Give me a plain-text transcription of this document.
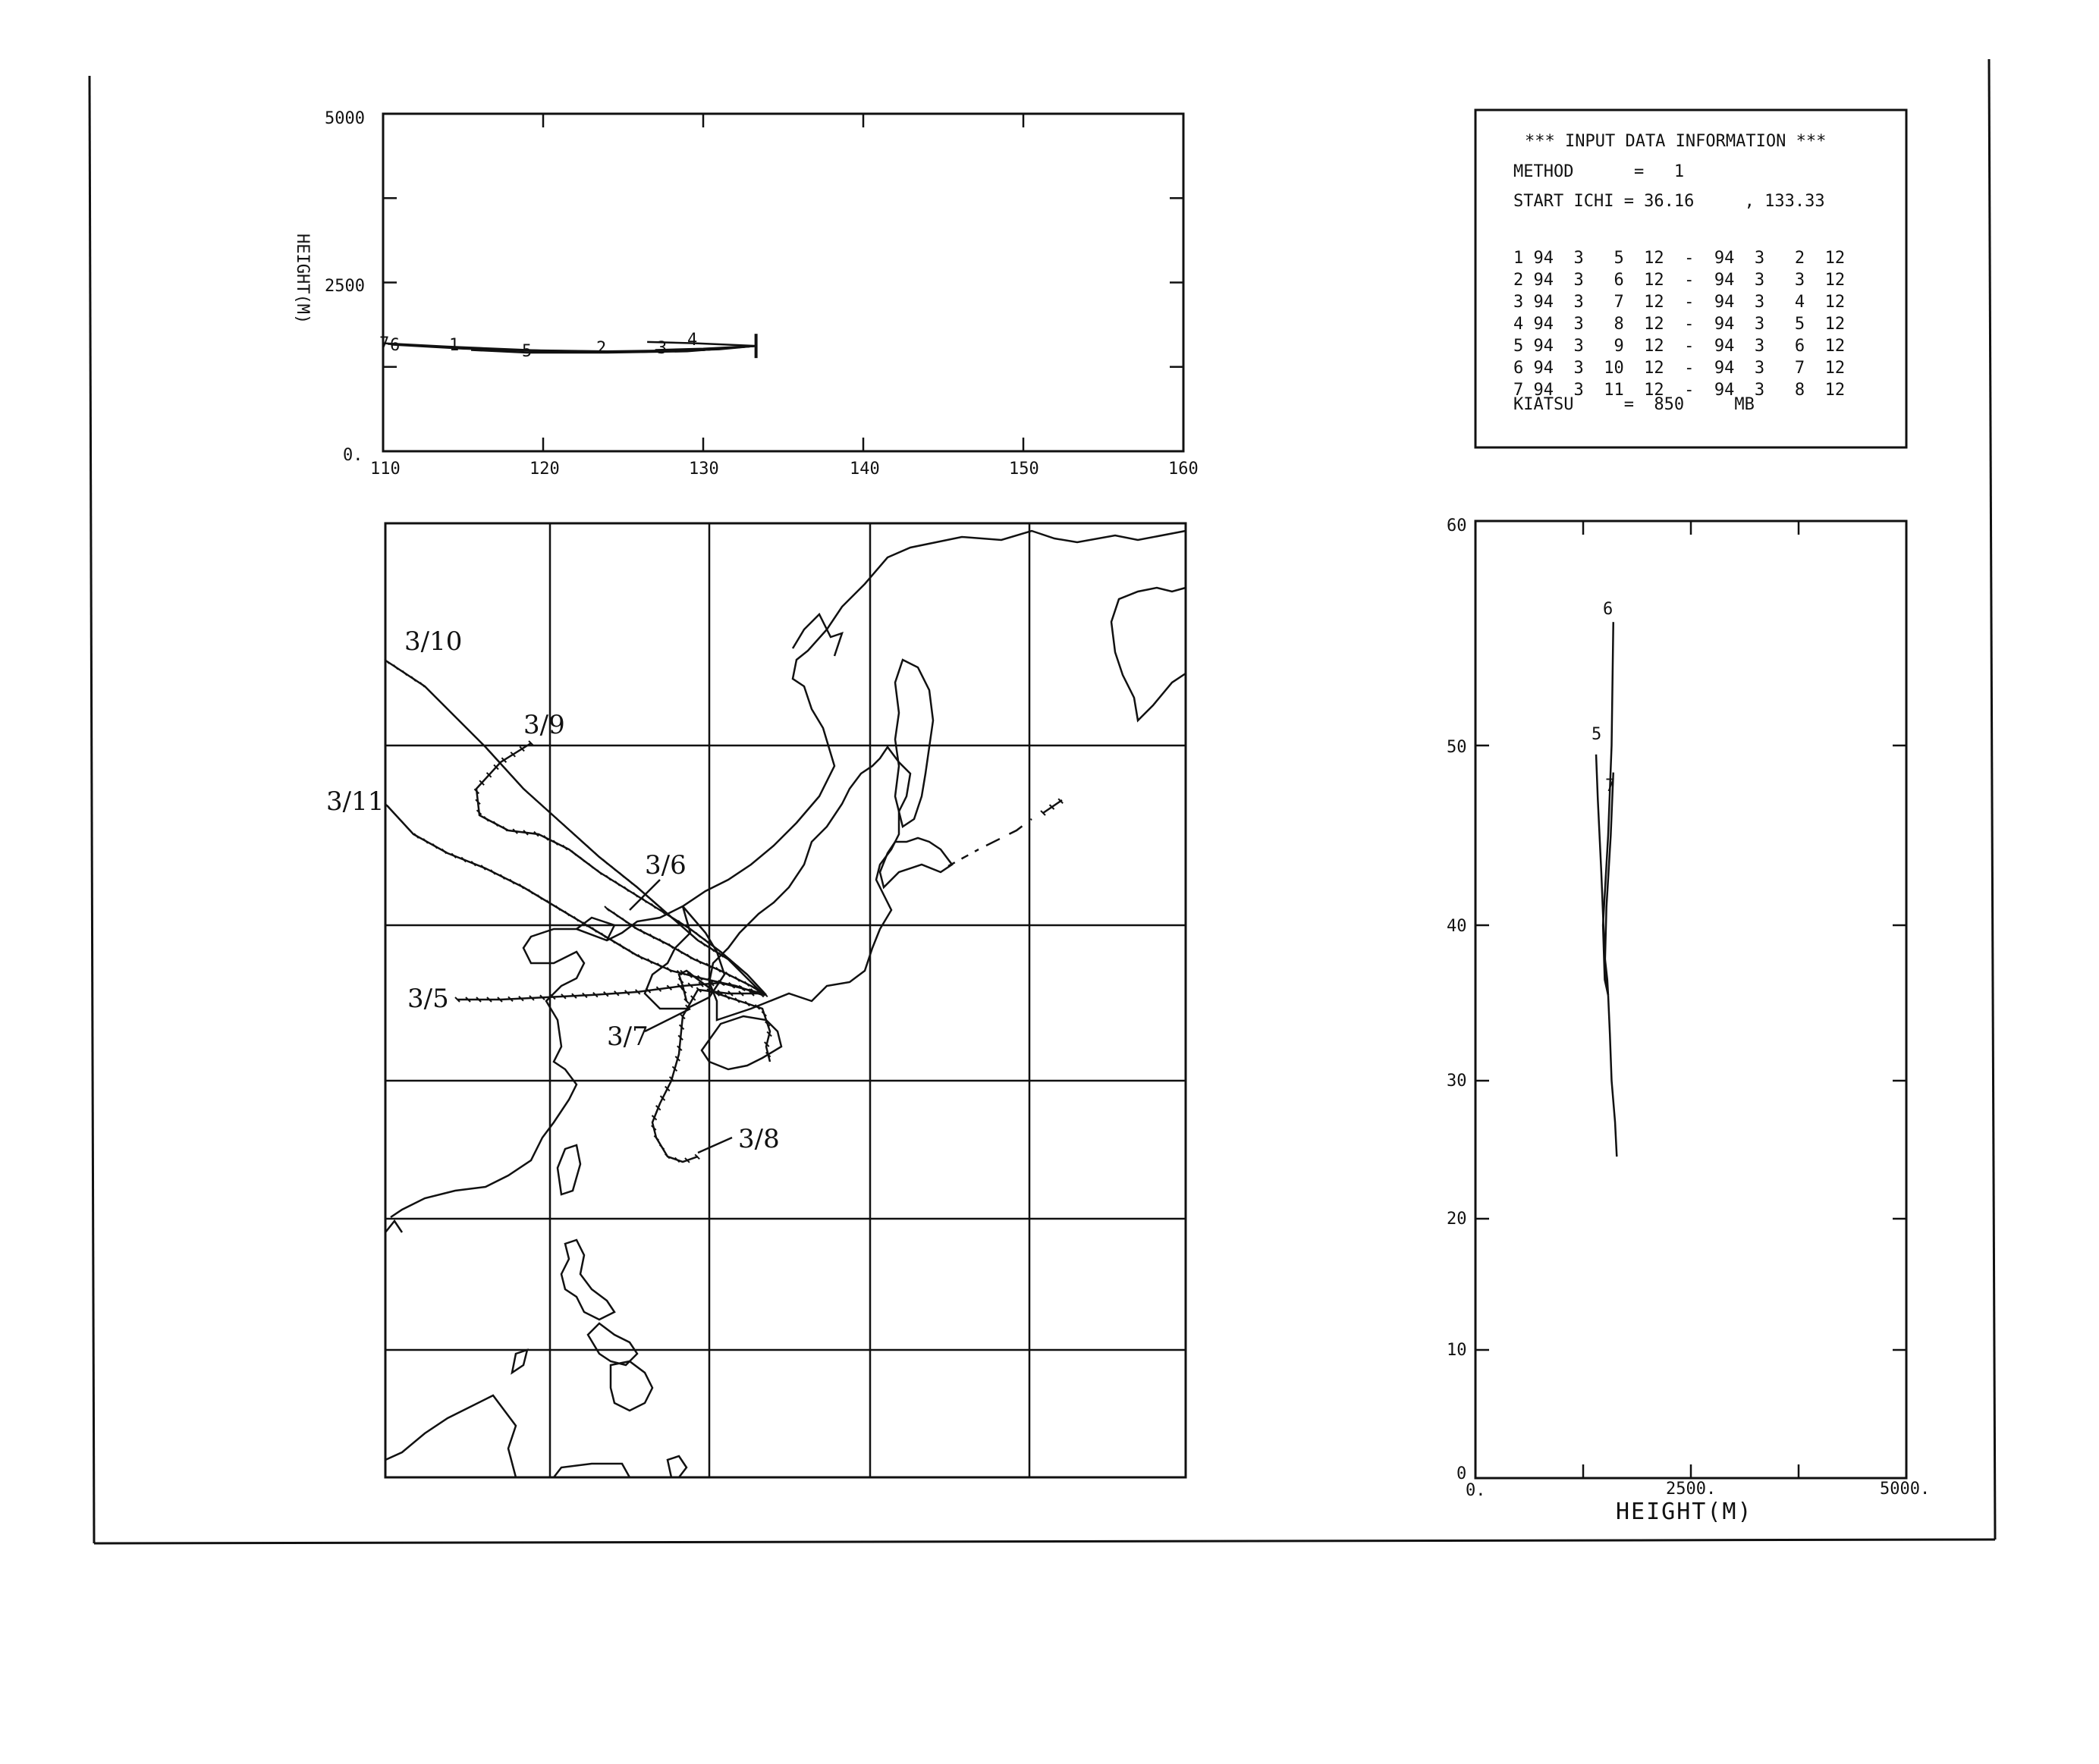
5000
2500
0.
110	120	130	140	150	160
HEIGHT(M)
7 6	1	5	2	3 4
*** INPUT DATA INFORMATION ***
METHOD      =   1
START ICHI = 36.16     , 133.33
1 94  3   5  12  -  94  3   2  12
2 94  3   6  12  -  94  3   3  12
3 94  3   7  12  -  94  3   4  12
4 94  3   8  12  -  94  3   5  12
5 94  3   9  12  -  94  3   6  12
6 94  3  10  12  -  94  3   7  12
7 94  3  11  12  -  94  3   8  12
KIATSU     =  850     MB
3/10
3/9
3/11
3/6
3/5
3/7
3/8
60
50
40
30
20
10
0
0.	2500.	5000.
HEIGHT(M)
6
5
7
